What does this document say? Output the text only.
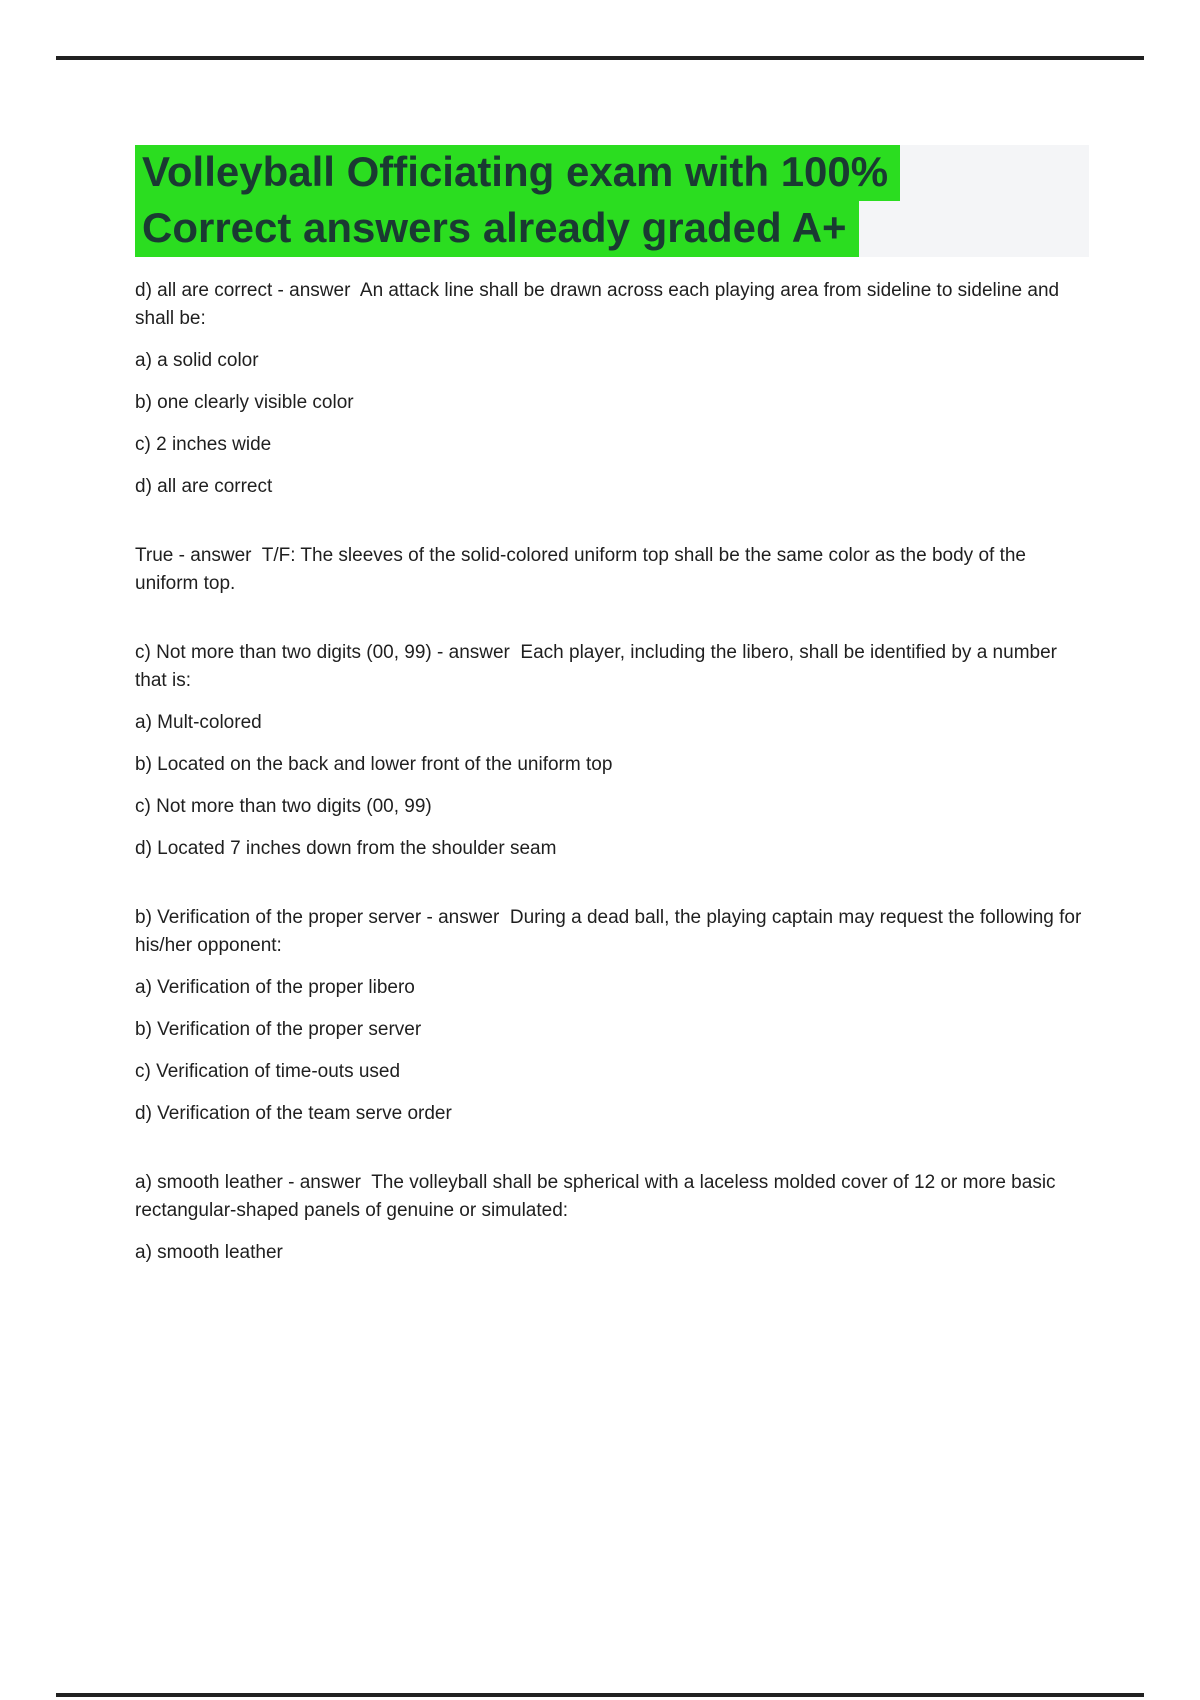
Volleyball Officiating exam with 100%
Correct answers already graded A+

d) all are correct - answer  An attack line shall be drawn across each playing area from sideline to sideline and shall be:

a) a solid color

b) one clearly visible color

c) 2 inches wide

d) all are correct

True - answer  T/F: The sleeves of the solid-colored uniform top shall be the same color as the body of the uniform top.

c) Not more than two digits (00, 99) - answer  Each player, including the libero, shall be identified by a number that is:

a) Mult-colored

b) Located on the back and lower front of the uniform top

c) Not more than two digits (00, 99)

d) Located 7 inches down from the shoulder seam

b) Verification of the proper server - answer  During a dead ball, the playing captain may request the following for his/her opponent:

a) Verification of the proper libero

b) Verification of the proper server

c) Verification of time-outs used

d) Verification of the team serve order

a) smooth leather - answer  The volleyball shall be spherical with a laceless molded cover of 12 or more basic rectangular-shaped panels of genuine or simulated:

a) smooth leather
